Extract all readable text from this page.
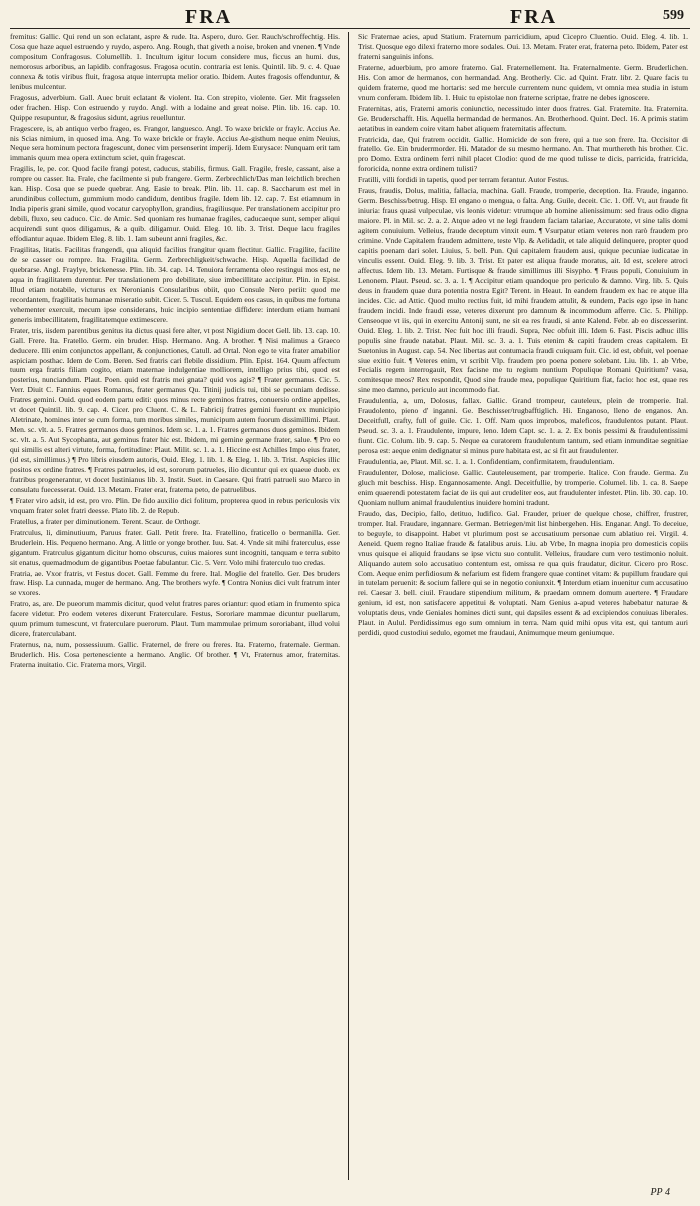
FRA	FRA	599

fremitus: Gallic. Qui rend un son eclatant, aspre & rude. Ita. Aspero, duro. Ger. Rauch/schroffechtig. His. Cosa que haze aquel estruendo y ruydo, aspero. Ang. Rough, that giveth a noise, broken and vnenen. ¶ Vnde compositum Confragosus. Columellib. 1. Incultum igitur locum considere mus, ficcus an humi. dus, nemorosus arboribus, an lapidib. confragosus. Fragosa ocutin. contraria est lenis. Quintil. lib. 9. c. 4. Quae connexa & totis viribus fluit, fragosa atque interrupta melior oratio. Ibidem. Autes fragosis offenduntur, & lenibus mulcentur.

Fragosus, adverbium. Gall. Auec bruit eclatant & violent. Ita. Con strepito, violente. Ger. Mit fragsselen oder frachen. Hisp. Con estruendo y ruydo. Angl. with a lodaine and great noise. Plin. lib. 16. cap. 10. Quippe resupuntur, & fragosius sidunt, agrius reuelluntur.

Fragescere, is, ab antiquo verbo frageo, es. Frangor, languesco. Angl. To waxe brickle or fraylc. Accius Ae. nis Scias nimium, in quosed ima. Ang. To waxe brickle or frayle. Accius Ae-gisthum neque enim Neuius, Neque sera hominum pectora fragescunt, donec vim persenserint imperij. Idem Eurysace: Nunquam erit tam immanis quum mea opera extinctum sciet, quin fragescat.

Fragilis, le, pe. cor. Quod facile frangi potest, caducus, stabilis, firmus. Gall. Fragile, fresle, cassant, aise a rompre ou casser. Ita. Frale, che facilmente si pub frangere. Germ. Zerbrechlich/Das man leichtlich brechen kan. Hisp. Cosa que se puede quebrar. Ang. Easie to break. Plin. lib. 11. cap. 8. Saccharum est mel in arundinibus collectum, gummium modo candidum, dentibus fragile. Idem lib. 12. cap. 7. Est etiamnum in India piperis grani simile, quod vocatur caryophyllon, grandius, fragiliusque. Per translationem accipitur pro debili, fluxo, seu caduco. Cic. de Amic. Sed quoniam res humanae fragiles, caducaeque sunt, semper aliqui acquirendi sunt quos diligamus, & a quib. diligamur. Ouid. Eleg. 10. lib. 3. Trist. Deque lacu fragiles effodiantur aquae. Ibidem Eleg. 8. lib. 1. Iam subeunt anni fragiles, &c.

Fragilitas, litatis. Facilitas frangendi, qua aliquid facilius frangitur quam flectitur. Gallic. Fragilite, facilite de se casser ou rompre. Ita. Fragilita. Germ. Zerbrechligkeit/schwache. Hisp. Aquella facilidad de quebrarse. Angl. Fraylye, brickenesse. Plin. lib. 34. cap. 14. Tenuiora ferramenta oleo restingui mos est, ne aqua in fragilitatem durentur. Per translationem pro debilitate, siue imbecillitate accipitur. Plin. in Epist. Illud etiam notabile, victurus ex Neronianis Consularibus obiit, quo Consule Nero periit: quod me recordantem, fragilitatis humanae miseratio subit. Cicer. 5. Tuscul. Equidem eos casus, in quibus me fortuna vehementer exercuit, mecum ipse considerans, huic incipio sententiae diffidere: interdum etiam humani generis imbecillitatem, fragilitatemque extimescere.

Frater, tris, iisdem parentibus genitus ita dictus quasi fere alter, vt post Nigidium docet Gell. lib. 13. cap. 10. Gall. Frere. Ita. Fratello. Germ. ein bruder. Hisp. Hermano. Ang. A brother. ¶ Nisi malimus a Graeco deducere. Illi enim conjunctos appellant, & conjunctiones, Catull. ad Ortal. Non ego te vita frater amabilior aspiciam posthac. Idem de Com. Beren. Sed fratris cari flebile dissidium. Plin. Epist. 164. Quum affectum tuum erga fratris filiam cogito, etiam maternae indulgentiae molliorem, intelligo prius tibi, quod est posterius, nunciandum. Plaut. Poen. quid est fratris mei gnata? quid vos agis? ¶ Frater germanus. Cic. 5. Verr. Diuit C. Fannius eques Romanus, frater germanus Qu. Titinij judicis tui, tibi se pecuniam dedisse. Fratres gemini. Ouid. quod eodem partu editi: quos minus recte geminos fratres, conuersio ordine appelles, vt docet Quintil. lib. 9. cap. 4. Cicer. pro Cluent. C. & L. Fabricij fratres gemini fuerunt ex municipio Aletrinate, homines inter se cum forma, tum moribus similes, municipum autem fuorum dissimillimi. Plaut. Men. sc. vlt. a. 5. Fratres germanos duos geminos. Idem sc. 1. a. 1. Fratres germanos duos geminos. Ibidem sc. vlt. a. 5. Aut Sycophanta, aut geminus frater hic est. Ibidem, mi gemine germane frater, salue. ¶ Pro eo qui similis est alteri virtute, forma, fortitudine: Plaut. Milit. sc. 1. a. 1. Hiccine est Achilles Impo eius frater, (id est, simillimus.) ¶ Pro libris eiusdem autoris, Ouid. Eleg. 1. lib. 1. & Eleg. 1. lib. 3. Trist. Aspicies illic positos ex ordine fratres. ¶ Fratres patrueles, id est, sororum patrueles, ilio dicuntur qui ex quaeue duob. ex fratribus progenerantur, vt docet Iustinianus lib. 3. Instit. Suet. in Caesare. Qui fratri patrueli suo Marco in consulatu fuecesserat. Ouid. 13. Metam. Frater erat, fraterna peto, de patruelibus.

¶ Frater viro adsit, id est, pro vro. Plin. De fido auxilio dici folitum, propterea quod in rebus periculosis vix vnquam frater solet fratri deesse. Plato lib. 2. de Repub.

Fratellus, a frater per diminutionem. Terent. Scaur. de Orthogr.

Fratrculus, li, diminutiuum, Paruus frater. Gall. Petit frere. Ita. Fratellino, fraticello o bermanilla. Ger. Bruderlein. His. Pequeno hermano. Ang. A little or yonge brother. Iuu. Sat. 4. Vnde sit mihi fraterculus, esse gigantum. Fratrculus gigantum dicitur homo obscurus, cuius maiores sunt incogniti, tanquam e terra subito sit enatus, quemadmodum de gigantibus Poetae fabulantur. Cic. 5. Verr. Volo mihi fraterculo tuo credas.

Fratria, ae. Vxor fratris, vt Festus docet. Gall. Femme du frere. Ital. Moglie del fratello. Ger. Des bruders fraw. Hisp. La cunnada, muger de hermano. Ang. The brothers wyfe. ¶ Contra Nonius dici vult fratrum inter se vxores.

Fratro, as, are. De pueorum mammis dicitur, quod velut fratres pares oriantur: quod etiam in frumento spica facere videtur. Pro eodem veteres dixerunt Fraterculare. Festus, Sororiare mammae dicuntur puellarum, quum primum tumescunt, vt fraterculare puerorum. Plaut. Tum mammulae primum sororiabant, illud volui dicere, fraterculabant.

Fraternus, na, num, possessiuum. Gallic. Fraternel, de frere ou freres. Ita. Fraterno, fraternale. German. Bruderlich. His. Cosa pertenesciente a hermano. Anglic. Of brother. ¶ Vt, Fraternus amor, fraternitas. Fraterna inuitatio. Cic. Fraterna mors, Virgil.

Sic Fraternae acies, apud Statium. Fraternum parricidium, apud Cicepro Cluentio. Ouid. Eleg. 4. lib. 1. Trist. Quosque ego dilexi fraterno more sodales. Oui. 13. Metam. Frater erat, fraterna peto. Ibidem, Pater est fraterni sanguinis infons.

Fraterne, aduerbium, pro amore fraterno. Gal. Fraternellement. Ita. Fraternalmente. Germ. Bruderlichen. His. Con amor de hermanos, con hermandad. Ang. Brotherly. Cic. ad Quint. Fratr. libr. 2. Quare facis tu quidem fraterne, quod me hortaris: sed me hercule currentem nunc quidem, vt omnia mea studia in istum vnum conferam. Ibidem lib. 1. Huic tu epistolae non fraterne scriptae, fratre ne debes ignoscere.

Fraternitas, atis, Fraterni amoris coniunctio, necessitudo inter duos fratres. Gal. Fraternite. Ita. Fraternita. Ge. Bruderschafft. His. Aquella hermandad de hermanos. An. Brotherhood. Quint. Decl. 16. A primis statim aetatibus in eandem coire vitam habet aliquem fraternitatis affectum.

Fratricida, dae, Qui fratrem occidit. Gallic. Homicide de son frere, qui a tue son frere. Ita. Occisitor di fratello. Ge. Ein bruderrmorder. Hi. Matador de su mesmo hermano. An. That murthereth his brother. Cic. pro Domo. Extra ordinem ferri nihil placet Clodio: quod de me quod tulisse te dicis, parricida, fratricida, fororicida, nonne extra ordinem tulisti?

Fratilli, villi fordidi in tapetis, quod per terram ferantur. Autor Festus.

Fraus, fraudis, Dolus, malitia, fallacia, machina. Gall. Fraude, tromperie, deception. Ita. Fraude, inganno. Germ. Beschiss/betrug. Hisp. El engano o mengua, o falta. Ang. Guile, deceit. Cic. 1. Off. Vt, aut fraude fit iniuria: fraus quasi vulpeculae, vis leonis videtur: vtrumque ab homine alienissimum: sed fraus odio digna maiore. Pl. in Mil. sc. 2. a. 2. Atque adeo vt ne legi fraudem faciam talariae, Accuratote, vt sine talis domi agitem conuiuium. Velleius, fraude deceptum vinxit eum. ¶ Vsurpatur etiam veteres non rarò fraudem pro crimine. Vnde Capitalem fraudem admittere, teste Vlp. & Aelidadit, et tale aliquid delinquere, propter quod capitis poenam dari solet. Liuius, 5. bell. Pun. Qui capitalem fraudem ausi, quique pecuniae iudicatae in vinculis essent. Ouid. Eleg. 9. lib. 3. Trist. Et pater est aliqua fraude moratus, ait. Id est, scelere atroci affectus. Idem lib. 13. Metam. Furtisque & fraude simillimus illi Sisypho. ¶ Fraus populi, Conuiuium in Lenonem. Plaut. Pseud. sc. 3. a. 1. ¶ Accipitur etiam quandoque pro periculo & damno. Virg. lib. 5. Quis deus in fraudem quae dura potentia nostra Egit? Terent. in Heaut. In eandem fraudem ex hac re atque illa incides. Cic. ad Attic. Quod multo rectius fuit, id mihi fraudem attulit, & eundem, Pacis ego ipse in hanc fraudem incidi. Inde fraudi esse, veteres dixerunt pro damnum & incommodum afferre. Cic. 5. Philipp. Censeoque vt iis, qui in exercitu Antonij sunt, ne sit ea res fraudi, si ante Kalend. Febr. ab eo discesserint. Ouid. Eleg. 1. lib. 2. Trist. Nec fuit hoc illi fraudi. Supra, Nec obfuit illi. Idem 6. Fast. Piscis adhuc illis populis sine fraude natabat. Plaut. Mil. sc. 3. a. 1. Tuis etenim & capiti fraudem creas capitalem. Et Suetonius in August. cap. 54. Nec libertas aut contumacia fraudi cuiquam fuit. Cic. id est, obfuit, vel poenae siue exitio fuit. ¶ Veteres enim, vt scribit Vlp. fraudem pro poena ponere solebant. Liu. lib. 1. ab Vrbe, Fecialis regem interrogauit, Rex facisne me tu regium nuntium Populique Romani Quiritium? vasa, comitesque meos? Rex respondit, Quod sine fraude mea, populique Quiritium fiat, facio: hoc est, quae res sine meo damno, periculo aut incommodo fiat.

Fraudulentia, a, um, Dolosus, fallax. Gallic. Grand trompeur, cauteleux, plein de tromperie. Ital. Fraudolento, pieno d' inganni. Ge. Beschisser/trugbafftiglich. Hi. Enganoso, lleno de enganos. An. Deceitfull, crafty, full of guile. Cic. 1. Off. Nam quos improbos, maleficos, fraudulentos putant. Plaut. Pseud. sc. 3. a. 1. Fraudulente, impure, leno. Idem Capt. sc. 1. a. 2. Ex bonis pessimi & fraudulentissimi fiunt. Cic. Colum. lib. 9. cap. 5. Neque ea curatorem fraudulentum tantum, sed etiam inmunditae segnitiae perosa est: aeque enim dedignatur si minus pure habitata est, ac si fit aut fraudulenter.

Fraudulentia, ae, Plaut. Mil. sc. 1. a. 1. Confidentiam, confirmitatem, fraudulentiam.

Fraudulenter, Dolose, maliciose. Gallic. Cauteleusement, par tromperie. Italice. Con fraude. Germa. Zu gluch mit beschiss. Hisp. Engannosamente. Angl. Deceitfullie, by tromperie. Columel. lib. 1. ca. 8. Saepe enim quaerendi potestatem faciat de iis qui aut crudeliter eos, aut fraudulenter infestet. Plin. lib. 30. cap. 10. Quoniam nullum animal fraudulentius inuidere homini tradunt.

Fraudo, das, Decipio, fallo, detituo, ludifico. Gal. Frauder, priuer de quelque chose, chiffrer, frustrer, tromper. Ital. Fraudare, ingannare. German. Betriegen/mit list hinbergehen. His. Enganar. Angl. To deceiue, to beguyle, to disappoint. Habet vt plurimum post se accusatiuum personae cum ablatiuo rei. Virgil. 4. Aeneid. Quem regno Italiae fraude & fatalibus aruis. Liu. ab Vrbe, In magna inopia pro domesticis copiis vnus quisque ei aliquid fraudans se ipse victu suo contulit. Velleius, fraudare cum vero testimonio noluit. Aliquando autem solo accusatiuo contentum est, omissa re qua quis fraudatur, dicitur. Cicero pro Rosc. Com. Aeque enim perfidiosum & nefarium est fidem frangere quae continet vitam: & pupillum fraudare qui in tutelam peruenit: & socium fallere qui se in negotio coniunxit. ¶ Interdum etiam inuenitur cum accusatiuo rei. Caesar 3. bell. ciuil. Fraudare stipendium militum, & praedam omnem domum auertere. ¶ Fraudare genium, id est, non satisfacere appetitui & voluptati. Nam Genius a-apud veteres habebatur naturae & voluptatis deus, vnde Geniales homines dicti sunt, qui dapsiles essent & ad excipiendos conuiuas liberales. Plaut. in Aulul. Perdidissimus ego sum omnium in terra. Nam quid mihi opus vita est, qui tantum auri perdidi, quod custodiui sedulo, egomet me fraudaui, Animumque meum geniumque.

PP 4
